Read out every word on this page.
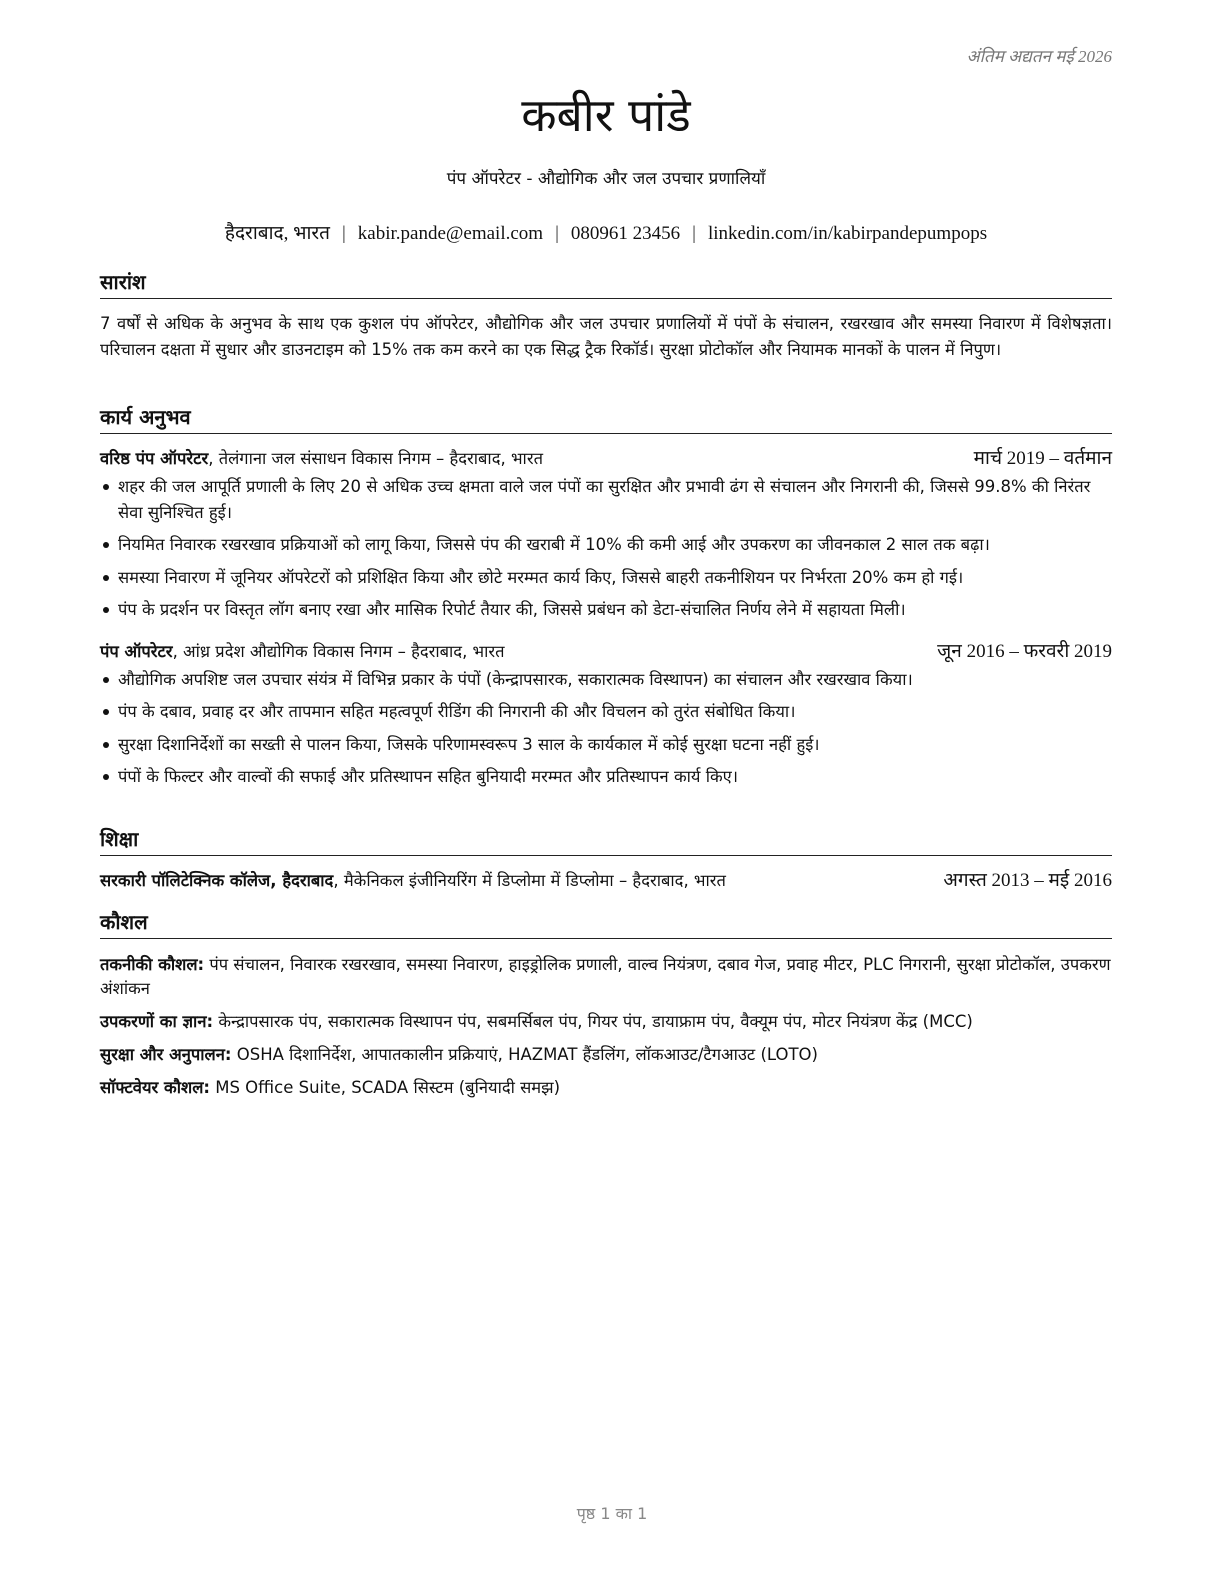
अंतिम अद्यतन मई 2026
कबीर पांडे
पंप ऑपरेटर - औद्योगिक और जल उपचार प्रणालियाँ
हैदराबाद, भारत | kabir.pande@email.com | 080961 23456 | linkedin.com/in/kabirpandepumpops
सारांश

7 वर्षों से अधिक के अनुभव के साथ एक कुशल पंप ऑपरेटर, औद्योगिक और जल उपचार प्रणालियों में पंपों के संचालन, रखरखाव और समस्या निवारण में विशेषज्ञता। परिचालन दक्षता में सुधार और डाउनटाइम को 15% तक कम करने का एक सिद्ध ट्रैक रिकॉर्ड। सुरक्षा प्रोटोकॉल और नियामक मानकों के पालन में निपुण।

कार्य अनुभव
वरिष्ठ पंप ऑपरेटर, तेलंगाना जल संसाधन विकास निगम – हैदराबाद, भारत	मार्च 2019 – वर्तमान
शहर की जल आपूर्ति प्रणाली के लिए 20 से अधिक उच्च क्षमता वाले जल पंपों का सुरक्षित और प्रभावी ढंग से संचालन और निगरानी की, जिससे 99.8% की निरंतर सेवा सुनिश्चित हुई।
नियमित निवारक रखरखाव प्रक्रियाओं को लागू किया, जिससे पंप की खराबी में 10% की कमी आई और उपकरण का जीवनकाल 2 साल तक बढ़ा।
समस्या निवारण में जूनियर ऑपरेटरों को प्रशिक्षित किया और छोटे मरम्मत कार्य किए, जिससे बाहरी तकनीशियन पर निर्भरता 20% कम हो गई।
पंप के प्रदर्शन पर विस्तृत लॉग बनाए रखा और मासिक रिपोर्ट तैयार की, जिससे प्रबंधन को डेटा-संचालित निर्णय लेने में सहायता मिली।
पंप ऑपरेटर, आंध्र प्रदेश औद्योगिक विकास निगम – हैदराबाद, भारत	जून 2016 – फरवरी 2019
औद्योगिक अपशिष्ट जल उपचार संयंत्र में विभिन्न प्रकार के पंपों (केन्द्रापसारक, सकारात्मक विस्थापन) का संचालन और रखरखाव किया।
पंप के दबाव, प्रवाह दर और तापमान सहित महत्वपूर्ण रीडिंग की निगरानी की और विचलन को तुरंत संबोधित किया।
सुरक्षा दिशानिर्देशों का सख्ती से पालन किया, जिसके परिणामस्वरूप 3 साल के कार्यकाल में कोई सुरक्षा घटना नहीं हुई।
पंपों के फिल्टर और वाल्वों की सफाई और प्रतिस्थापन सहित बुनियादी मरम्मत और प्रतिस्थापन कार्य किए।
शिक्षा
सरकारी पॉलिटेक्निक कॉलेज, हैदराबाद, मैकेनिकल इंजीनियरिंग में डिप्लोमा में डिप्लोमा – हैदराबाद, भारत	अगस्त 2013 – मई 2016
कौशल

तकनीकी कौशल: पंप संचालन, निवारक रखरखाव, समस्या निवारण, हाइड्रोलिक प्रणाली, वाल्व नियंत्रण, दबाव गेज, प्रवाह मीटर, PLC निगरानी, सुरक्षा प्रोटोकॉल, उपकरण अंशांकन

उपकरणों का ज्ञान: केन्द्रापसारक पंप, सकारात्मक विस्थापन पंप, सबमर्सिबल पंप, गियर पंप, डायाफ्राम पंप, वैक्यूम पंप, मोटर नियंत्रण केंद्र (MCC)

सुरक्षा और अनुपालन: OSHA दिशानिर्देश, आपातकालीन प्रक्रियाएं, HAZMAT हैंडलिंग, लॉकआउट/टैगआउट (LOTO)

सॉफ्टवेयर कौशल: MS Office Suite, SCADA सिस्टम (बुनियादी समझ)

पृष्ठ 1 का 1
